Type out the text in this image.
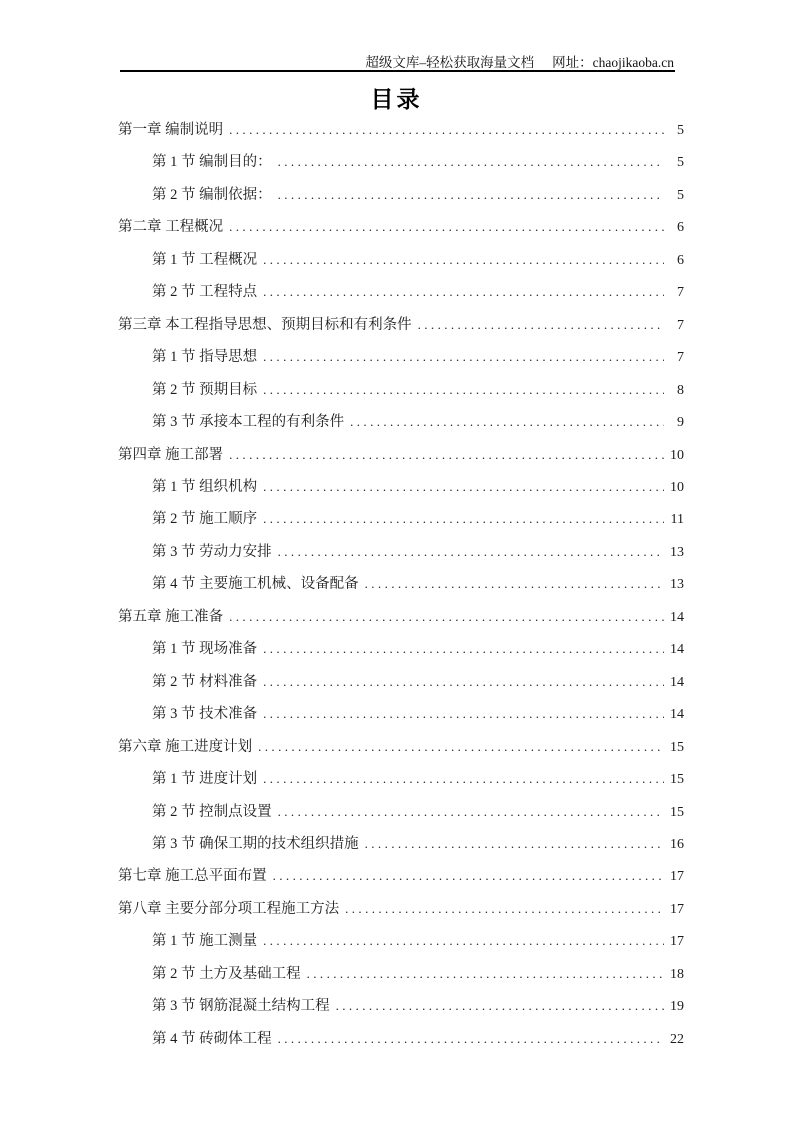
超级文库–轻松获取海量文档 网址：chaojikaoba.cn
目录
第一章 编制说明 .....	5
第 1 节 编制目的： .....	5
第 2 节 编制依据： .....	5
第二章 工程概况 .....	6
第 1 节 工程概况 .....	6
第 2 节 工程特点 .....	7
第三章 本工程指导思想、预期目标和有利条件 .....	7
第 1 节 指导思想 .....	7
第 2 节 预期目标 .....	8
第 3 节 承接本工程的有利条件 .....	9
第四章 施工部署 .....	10
第 1 节 组织机构 .....	10
第 2 节 施工顺序 .....	11
第 3 节 劳动力安排 .....	13
第 4 节 主要施工机械、设备配备 .....	13
第五章 施工准备 .....	14
第 1 节 现场准备 .....	14
第 2 节 材料准备 .....	14
第 3 节 技术准备 .....	14
第六章 施工进度计划 .....	15
第 1 节 进度计划 .....	15
第 2 节 控制点设置 .....	15
第 3 节 确保工期的技术组织措施 .....	16
第七章 施工总平面布置 .....	17
第八章 主要分部分项工程施工方法 .....	17
第 1 节 施工测量 .....	17
第 2 节 土方及基础工程 .....	18
第 3 节 钢筋混凝土结构工程 .....	19
第 4 节 砖砌体工程 .....	22
